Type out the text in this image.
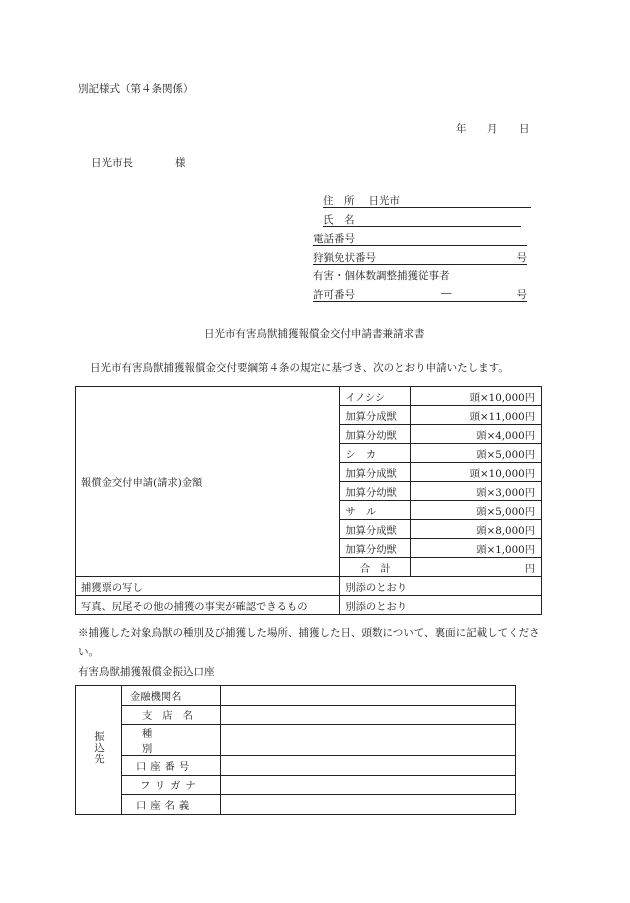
別記様式（第４条関係）
年 月 日
日光市長	様
住　所 日光市
氏　名
電話番号
狩猟免状番号	号
有害・個体数調整捕獲従事者
許可番号	―	号
日光市有害鳥獣捕獲報償金交付申請書兼請求書
日光市有害鳥獣捕獲報償金交付要綱第４条の規定に基づき、次のとおり申請いたします。
報償金交付申請(請求)金額	イノシシ	頭×10,000円
	加算分成獣	頭×11,000円
	加算分幼獣	頭×4,000円
	シ　カ	頭×5,000円
	加算分成獣	頭×10,000円
	加算分幼獣	頭×3,000円
	サ　ル	頭×5,000円
	加算分成獣	頭×8,000円
	加算分幼獣	頭×1,000円
	合　計	円
捕獲票の写し	別添のとおり	
写真、尻尾その他の捕獲の事実が確認できるもの	別添のとおり	
※捕獲した対象鳥獣の種別及び捕獲した場所、捕獲した日、頭数について、裏面に記載してくださ
い。
有害鳥獣捕獲報償金振込口座
振込先	金融機関名	

	支店名	

	種別	

	口座番号	

	フリガナ	

	口座名義	
